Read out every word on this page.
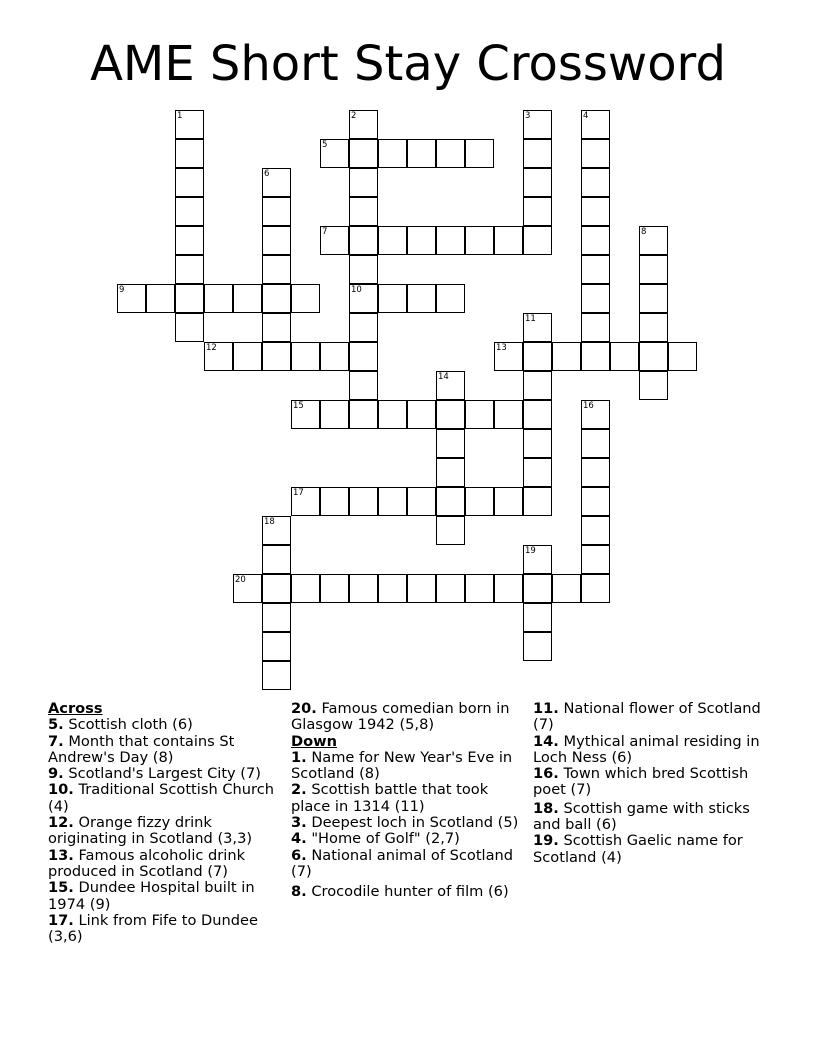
AME Short Stay Crossword
1	2
10
3	4
5
6
7	8
9
11
12	13
14
15	16
17
18
19
20
Across
5. Scottish cloth (6)
7. Month that contains St Andrew's Day (8)
9. Scotland's Largest City (7)
10. Traditional Scottish Church (4)
12. Orange fizzy drink originating in Scotland (3,3)
13. Famous alcoholic drink produced in Scotland (7)
15. Dundee Hospital built in 1974 (9)
17. Link from Fife to Dundee (3,6)
20. Famous comedian born in Glasgow 1942 (5,8)
Down
1. Name for New Year's Eve in Scotland (8)
2. Scottish battle that took place in 1314 (11)
3. Deepest loch in Scotland (5)
4. "Home of Golf" (2,7)
6. National animal of Scotland (7)
8. Crocodile hunter of film (6)
11. National flower of Scotland (7)
14. Mythical animal residing in Loch Ness (6)
16. Town which bred Scottish poet (7)
18. Scottish game with sticks and ball (6)
19. Scottish Gaelic name for Scotland (4)
